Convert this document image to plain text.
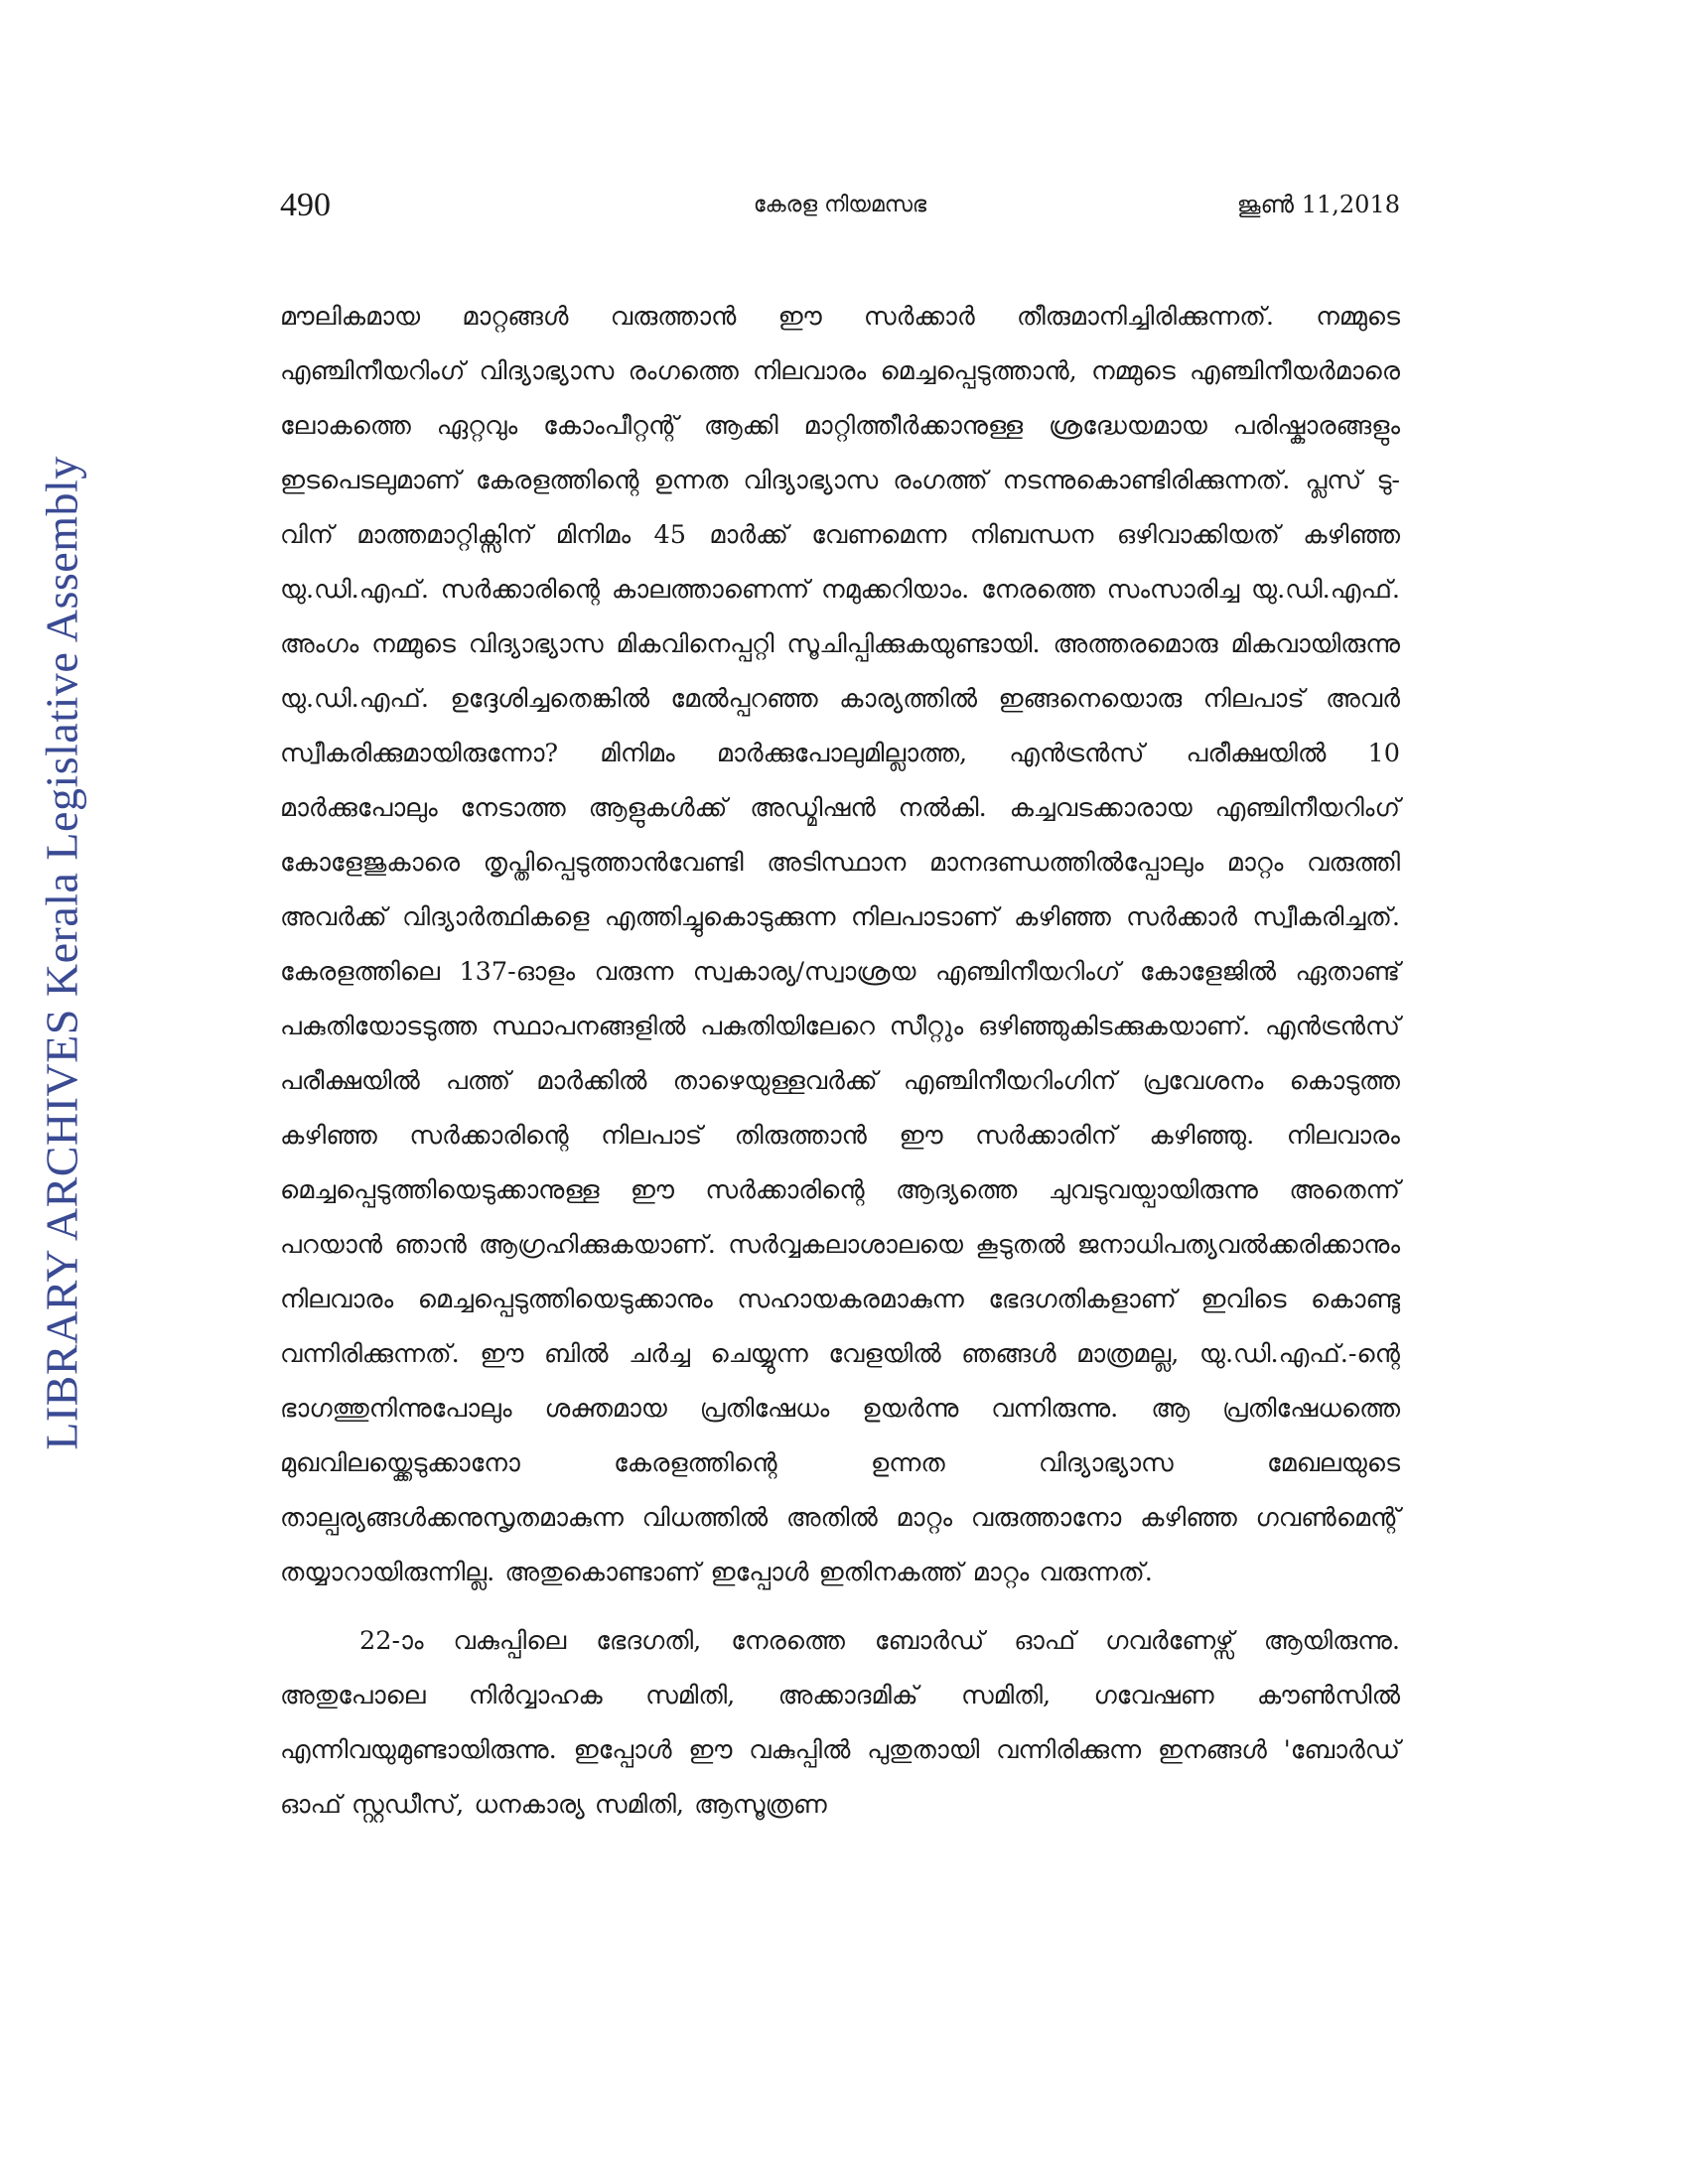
LIBRARY ARCHIVES Kerala Legislative Assembly
490	കേരള നിയമസഭ	ജൂൺ 11,2018

മൗലികമായ മാറ്റങ്ങൾ വരുത്താൻ ഈ സർക്കാർ തീരുമാനിച്ചിരിക്കുന്നത്. നമ്മുടെ എഞ്ചിനീയറിംഗ് വിദ്യാഭ്യാസ രംഗത്തെ നിലവാരം മെച്ചപ്പെടുത്താൻ, നമ്മുടെ എഞ്ചിനീയർമാരെ ലോകത്തെ ഏറ്റവും കോംപീറ്റന്റ് ആക്കി മാറ്റിത്തീർക്കാനുള്ള ശ്രദ്ധേയമായ പരിഷ്കാരങ്ങളും ഇടപെടലുമാണ് കേരളത്തിന്റെ ഉന്നത വിദ്യാഭ്യാസ രംഗത്ത് നടന്നുകൊണ്ടിരിക്കുന്നത്. പ്ലസ് ടു-വിന് മാത്തമാറ്റിക്സിന് മിനിമം 45 മാർക്ക് വേണമെന്ന നിബന്ധന ഒഴിവാക്കിയത് കഴിഞ്ഞ യു.ഡി.എഫ്. സർക്കാരിന്റെ കാലത്താണെന്ന് നമുക്കറിയാം. നേരത്തെ സംസാരിച്ച യു.ഡി.എഫ്. അംഗം നമ്മുടെ വിദ്യാഭ്യാസ മികവിനെപ്പറ്റി സൂചിപ്പിക്കുകയുണ്ടായി. അത്തരമൊരു മികവായിരുന്നു യു.ഡി.എഫ്. ഉദ്ദേശിച്ചതെങ്കിൽ മേൽപ്പറഞ്ഞ കാര്യത്തിൽ ഇങ്ങനെയൊരു നിലപാട് അവർ സ്വീകരിക്കുമായിരുന്നോ? മിനിമം മാർക്കുപോലുമില്ലാത്ത, എൻട്രൻസ് പരീക്ഷയിൽ 10 മാർക്കുപോലും നേടാത്ത ആളുകൾക്ക് അഡ്മിഷൻ നൽകി. കച്ചവടക്കാരായ എഞ്ചിനീയറിംഗ് കോളേജുകാരെ തൃപ്തിപ്പെടുത്താൻവേണ്ടി അടിസ്ഥാന മാനദണ്ഡത്തിൽപ്പോലും മാറ്റം വരുത്തി അവർക്ക് വിദ്യാർത്ഥികളെ എത്തിച്ചുകൊടുക്കുന്ന നിലപാടാണ് കഴിഞ്ഞ സർക്കാർ സ്വീകരിച്ചത്. കേരളത്തിലെ 137-ഓളം വരുന്ന സ്വകാര്യ/സ്വാശ്രയ എഞ്ചിനീയറിംഗ് കോളേജിൽ ഏതാണ്ട് പകുതിയോടടുത്ത സ്ഥാപനങ്ങളിൽ പകുതിയിലേറെ സീറ്റും ഒഴിഞ്ഞുകിടക്കുകയാണ്. എൻട്രൻസ് പരീക്ഷയിൽ പത്ത് മാർക്കിൽ താഴെയുള്ളവർക്ക് എഞ്ചിനീയറിംഗിന് പ്രവേശനം കൊടുത്ത കഴിഞ്ഞ സർക്കാരിന്റെ നിലപാട് തിരുത്താൻ ഈ സർക്കാരിന് കഴിഞ്ഞു. നിലവാരം മെച്ചപ്പെടുത്തിയെടുക്കാനുള്ള ഈ സർക്കാരിന്റെ ആദ്യത്തെ ചുവടുവയ്പായിരുന്നു അതെന്ന് പറയാൻ ഞാൻ ആഗ്രഹിക്കുകയാണ്. സർവ്വകലാശാലയെ കൂടുതൽ ജനാധിപത്യവൽക്കരിക്കാനും നിലവാരം മെച്ചപ്പെടുത്തിയെടുക്കാനും സഹായകരമാകുന്ന ഭേദഗതികളാണ് ഇവിടെ കൊണ്ടു വന്നിരിക്കുന്നത്. ഈ ബിൽ ചർച്ച ചെയ്യുന്ന വേളയിൽ ഞങ്ങൾ മാത്രമല്ല, യു.ഡി.എഫ്.-ന്റെ ഭാഗത്തുനിന്നുപോലും ശക്തമായ പ്രതിഷേധം ഉയർന്നു വന്നിരുന്നു. ആ പ്രതിഷേധത്തെ മുഖവിലയ്ക്കെടുക്കാനോ കേരളത്തിന്റെ ഉന്നത വിദ്യാഭ്യാസ മേഖലയുടെ താല്പര്യങ്ങൾക്കനുസൃതമാകുന്ന വിധത്തിൽ അതിൽ മാറ്റം വരുത്താനോ കഴിഞ്ഞ ഗവൺമെന്റ് തയ്യാറായിരുന്നില്ല. അതുകൊണ്ടാണ് ഇപ്പോൾ ഇതിനകത്ത് മാറ്റം വരുന്നത്.

22-ാം വകുപ്പിലെ ഭേദഗതി, നേരത്തെ ബോർഡ് ഓഫ് ഗവർണേഴ്സ് ആയിരുന്നു. അതുപോലെ നിർവ്വാഹക സമിതി, അക്കാദമിക് സമിതി, ഗവേഷണ കൗൺസിൽ എന്നിവയുമുണ്ടായിരുന്നു. ഇപ്പോൾ ഈ വകുപ്പിൽ പുതുതായി വന്നിരിക്കുന്ന ഇനങ്ങൾ 'ബോർഡ് ഓഫ് സ്റ്റഡീസ്, ധനകാര്യ സമിതി, ആസൂത്രണ
